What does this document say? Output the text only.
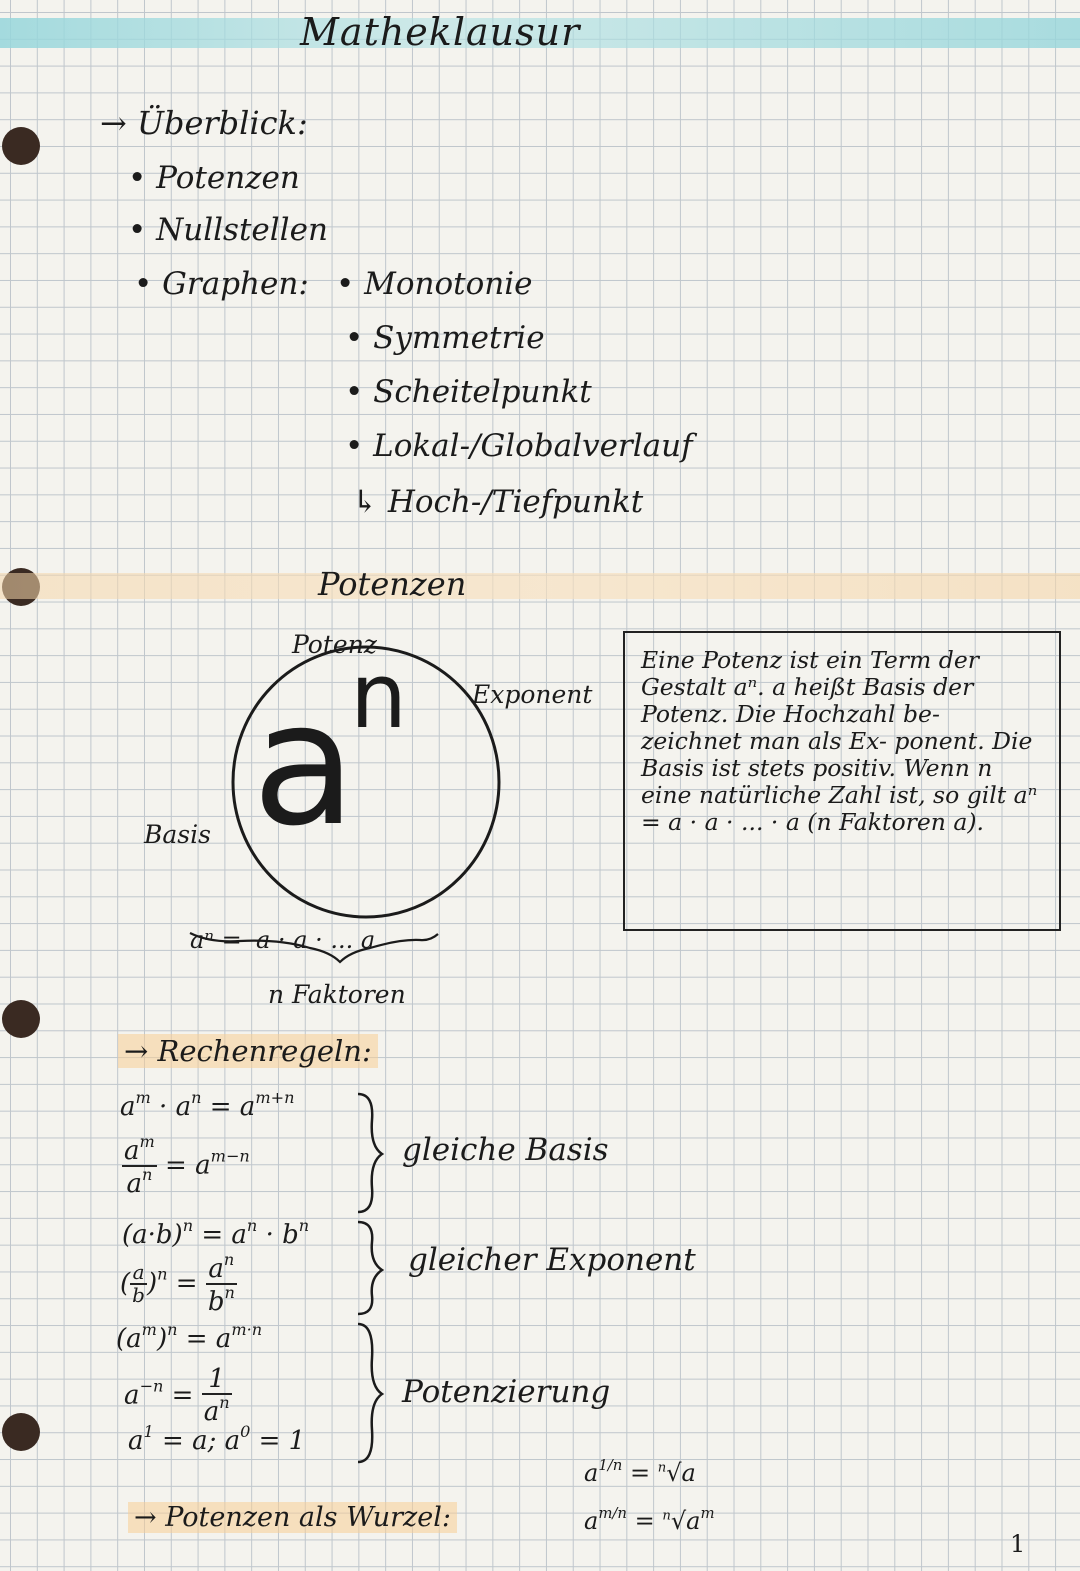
Matheklausur
→ Überblick:
• Potenzen
• Nullstellen
• Graphen: • Monotonie
• Symmetrie
• Scheitelpunkt
• Lokal-/Globalverlauf
↳ Hoch-/Tiefpunkt
Potenzen
Potenz
Exponent
Basis a
n
aⁿ = a · a · ... a
n Faktoren
Eine Potenz ist ein Term der Gestalt aⁿ. a heißt Basis der Potenz. Die Hochzahl be- zeichnet man als Ex- ponent. Die Basis ist stets positiv. Wenn n eine natürliche Zahl ist, so gilt aⁿ = a · a · ... · a (n Faktoren a).
→ Rechenregeln:
$a^m \cdot a^n = a^{m+n}$
$\frac{a^m}{a^n} = a^{m-n}$
$(a\cdot b)^n = a^n \cdot b^n$
( $\frac{a}{b} )^n = \frac{a^n}{b^n}$
$(a^m)^n = a^{m\cdot n}$
$a^{-n} = \frac{1}{a^n}$
$a^1 = a$; $a^0 = 1$
gleiche Basis
gleicher Exponent
Potenzierung
→ Potenzen als Wurzel:
$a^{1/n} = ^n√a$
$a^{m/n} = ^n√a^m$
1
